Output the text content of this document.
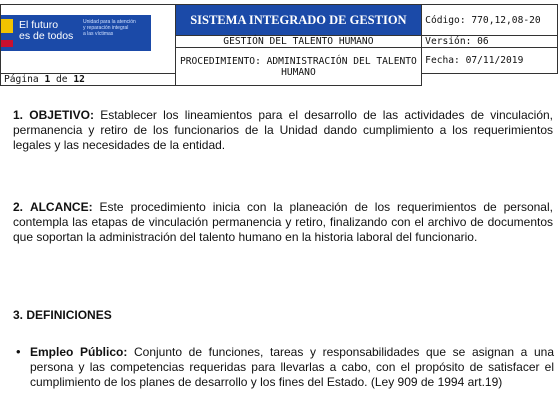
El futuro
es de todos
Unidad para la atención
y reparación integral
a las víctimas	SISTEMA INTEGRADO DE GESTION	Código: 770,12,08-20
	GESTIÓN DEL TALENTO HUMANO	Versión: 06
	PROCEDIMIENTO: ADMINISTRACIÓN DEL TALENTO HUMANO	Fecha: 07/11/2019
Página 1 de 12		
1. OBJETIVO: Establecer los lineamientos para el desarrollo de las actividades de vinculación, permanencia y retiro de los funcionarios de la Unidad dando cumplimiento a los requerimientos legales y las necesidades de la entidad.
2. ALCANCE: Este procedimiento inicia con la planeación de los requerimientos de personal, contempla las etapas de vinculación permanencia y retiro, finalizando con el archivo de documentos que soportan la administración del talento humano en la historia laboral del funcionario.
3. DEFINICIONES
• Empleo Público: Conjunto de funciones, tareas y responsabilidades que se asignan a una persona y las competencias requeridas para llevarlas a cabo, con el propósito de satisfacer el cumplimiento de los planes de desarrollo y los fines del Estado. (Ley 909 de 1994 art.19)
